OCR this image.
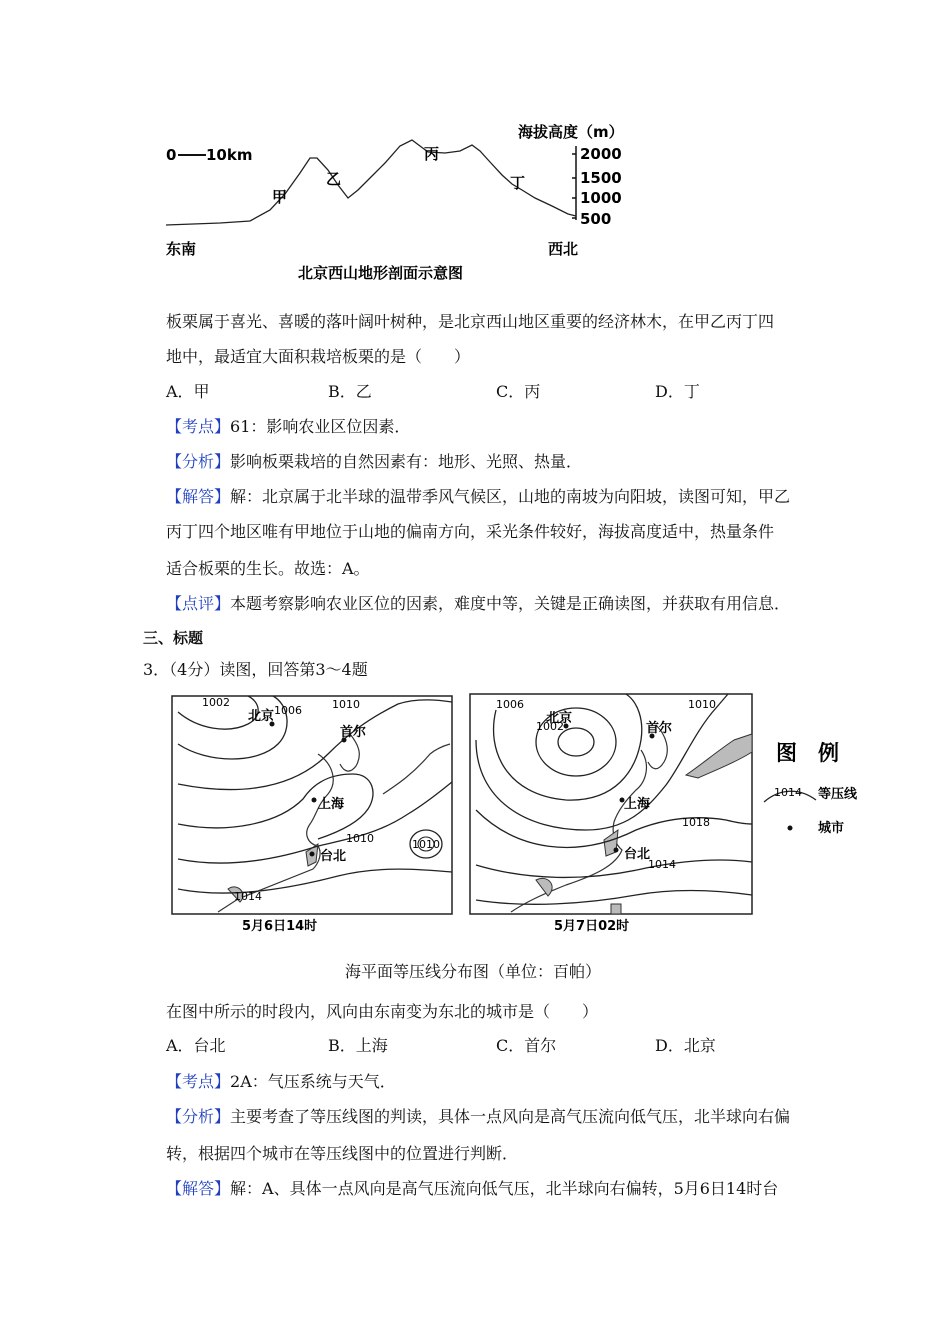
0 10km
海拔高度（m）
2000
1500
1000
500
甲
乙
丙
丁
东南	西北
北京西山地形剖面示意图
板栗属于喜光、喜暖的落叶阔叶树种，是北京西山地区重要的经济林木，在甲乙丙丁四
地中，最适宜大面积栽培板栗的是（　　）
A．甲	B．乙	C．丙	D．丁
【考点】61：影响农业区位因素．
【分析】影响板栗栽培的自然因素有：地形、光照、热量．
【解答】解：北京属于北半球的温带季风气候区，山地的南坡为向阳坡，读图可知，甲乙
丙丁四个地区唯有甲地位于山地的偏南方向，采光条件较好，海拔高度适中，热量条件
适合板栗的生长。故选：A。
【点评】本题考察影响农业区位的因素，难度中等，关键是正确读图，并获取有用信息．
三、标题
3．（4分）读图，回答第3～4题
1002
1006	1010
1010	1010
1014
北京
首尔
上海
台北
5月6日14时
1006
1002
1010
1018
1014
北京
首尔
上海
台北
5月7日02时
图　例
1014 等压线
城市
海平面等压线分布图（单位：百帕）
在图中所示的时段内，风向由东南变为东北的城市是（　　）
A．台北	B．上海	C．首尔	D．北京
【考点】2A：气压系统与天气．
【分析】主要考查了等压线图的判读，具体一点风向是高气压流向低气压，北半球向右偏
转，根据四个城市在等压线图中的位置进行判断．
【解答】解：A、具体一点风向是高气压流向低气压，北半球向右偏转，5月6日14时台
